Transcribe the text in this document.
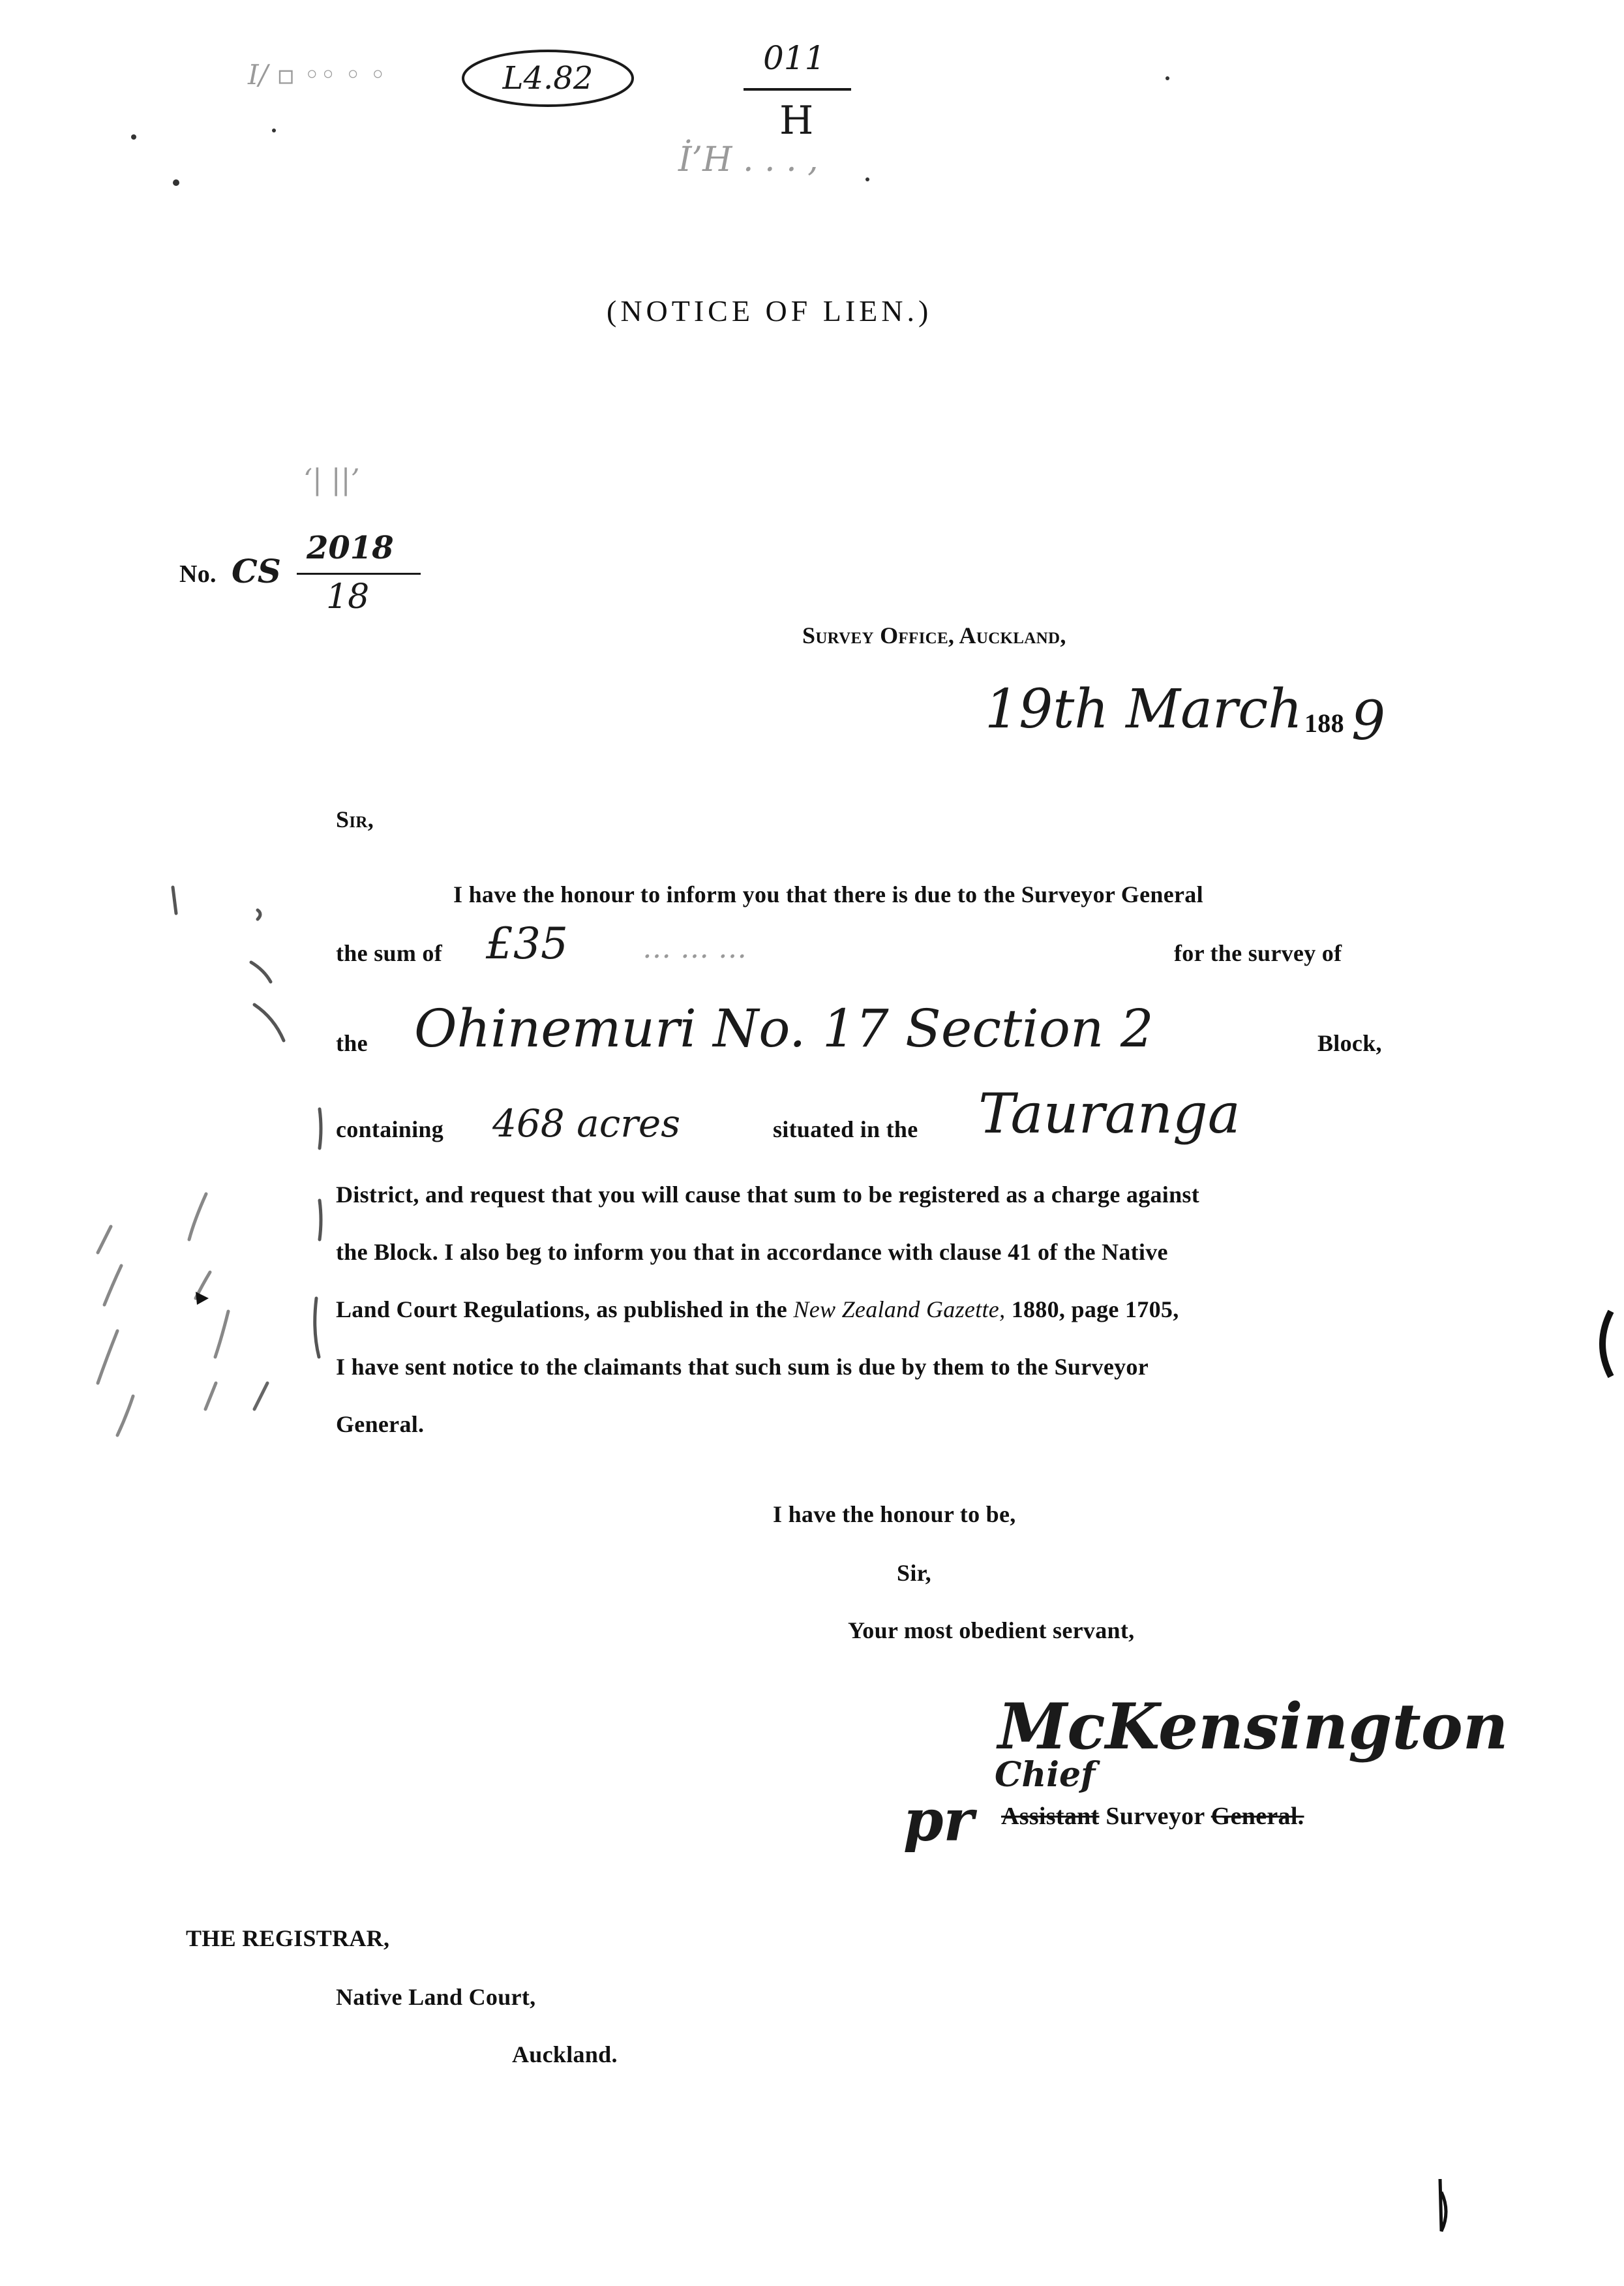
Ӏ/ ▫ ◦◦ ◦ ◦	L4.82
011
H
İ’Η . . . ,
(NOTICE OF LIEN.)
‘| ||’
No. CS
2018
18
Survey Office, Auckland,
19th March 188 9
Sir,
I have the honour to inform you that there is due to the Surveyor General
the sum of £35	… … …	for the survey of
the Ohinemuri No. 17 Section 2	Block,
containing 468 acres	situated in the Tauranga
District, and request that you will cause that sum to be registered as a charge against
the Block. I also beg to inform you that in accordance with clause 41 of the Native
Land Court Regulations, as published in the New Zealand Gazette, 1880, page 1705,
I have sent notice to the claimants that such sum is due by them to the Surveyor
General.
I have the honour to be,
Sir,
Your most obedient servant,
McKensington
Chief
pr Assistant Surveyor General.
THE REGISTRAR,
Native Land Court,
Auckland.
